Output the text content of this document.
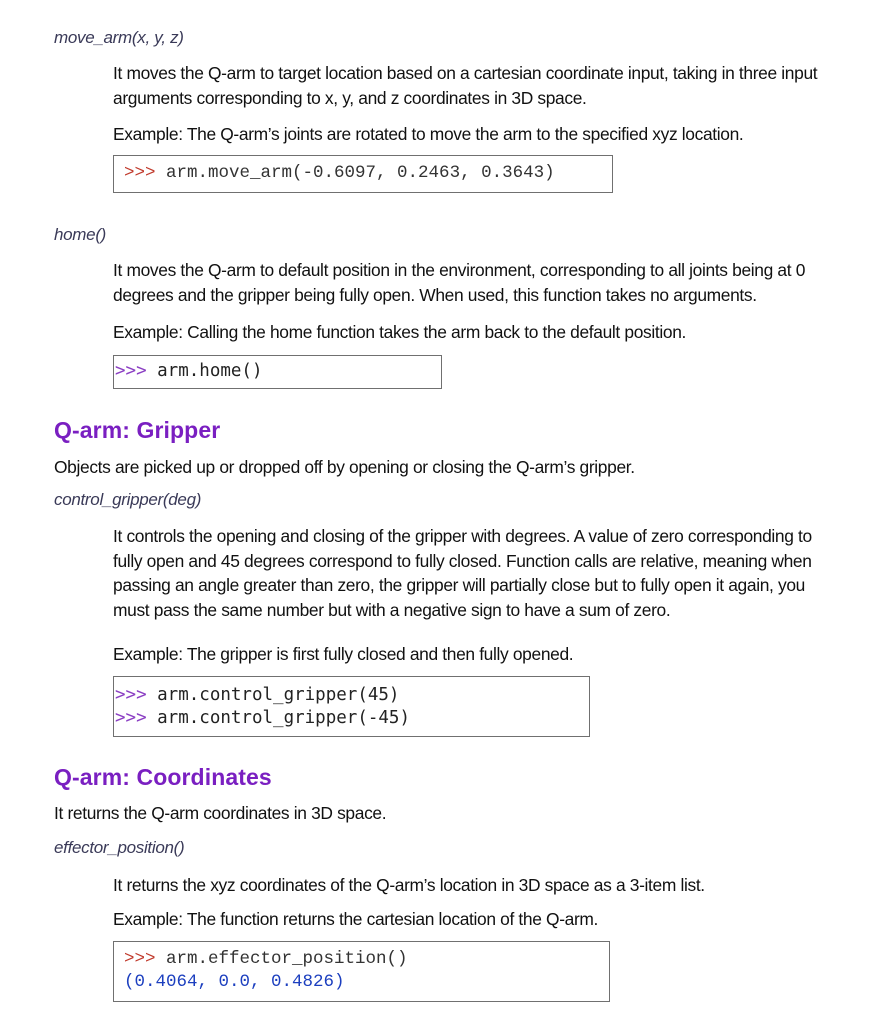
move_arm(x, y, z)

It moves the Q-arm to target location based on a cartesian coordinate input, taking in three input arguments corresponding to x, y, and z coordinates in 3D space.

Example: The Q-arm’s joints are rotated to move the arm to the specified xyz location.

>>> arm.move_arm(-0.6097, 0.2463, 0.3643)
home()

It moves the Q-arm to default position in the environment, corresponding to all joints being at 0 degrees and the gripper being fully open. When used, this function takes no arguments.

Example: Calling the home function takes the arm back to the default position.

>>> arm.home()
Q-arm: Gripper

Objects are picked up or dropped off by opening or closing the Q-arm’s gripper.

control_gripper(deg)

It controls the opening and closing of the gripper with degrees. A value of zero corresponding to fully open and 45 degrees correspond to fully closed. Function calls are relative, meaning when passing an angle greater than zero, the gripper will partially close but to fully open it again, you must pass the same number but with a negative sign to have a sum of zero.

Example: The gripper is first fully closed and then fully opened.

>>> arm.control_gripper(45)
>>> arm.control_gripper(-45)
Q-arm: Coordinates

It returns the Q-arm coordinates in 3D space.

effector_position()

It returns the xyz coordinates of the Q-arm’s location in 3D space as a 3-item list.

Example: The function returns the cartesian location of the Q-arm.

>>> arm.effector_position()
(0.4064, 0.0, 0.4826)
